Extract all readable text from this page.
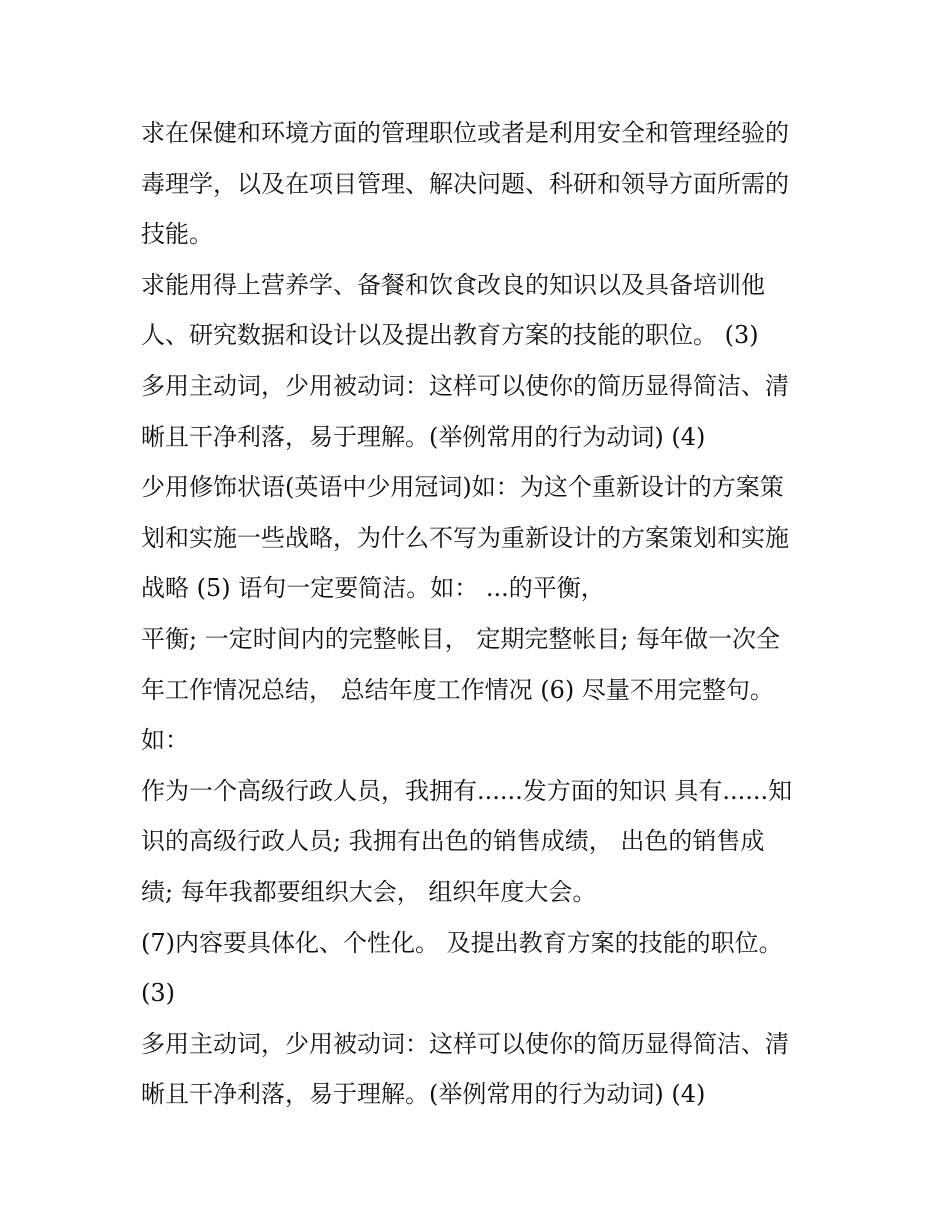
求在保健和环境方面的管理职位或者是利用安全和管理经验的
毒理学，以及在项目管理、解决问题、科研和领导方面所需的
技能。
求能用得上营养学、备餐和饮食改良的知识以及具备培训他
人、研究数据和设计以及提出教育方案的技能的职位。 (3)
多用主动词，少用被动词：这样可以使你的简历显得简洁、清
晰且干净利落，易于理解。(举例常用的行为动词) (4)
少用修饰状语(英语中少用冠词)如：为这个重新设计的方案策
划和实施一些战略，为什么不写为重新设计的方案策划和实施
战略 (5) 语句一定要简洁。如： ...的平衡，
平衡; 一定时间内的完整帐目， 定期完整帐目; 每年做一次全
年工作情况总结， 总结年度工作情况 (6) 尽量不用完整句。
如：
作为一个高级行政人员，我拥有......发方面的知识 具有......知
识的高级行政人员; 我拥有出色的销售成绩， 出色的销售成
绩; 每年我都要组织大会， 组织年度大会。
(7)内容要具体化、个性化。 及提出教育方案的技能的职位。
(3)
多用主动词，少用被动词：这样可以使你的简历显得简洁、清
晰且干净利落，易于理解。(举例常用的行为动词) (4)
